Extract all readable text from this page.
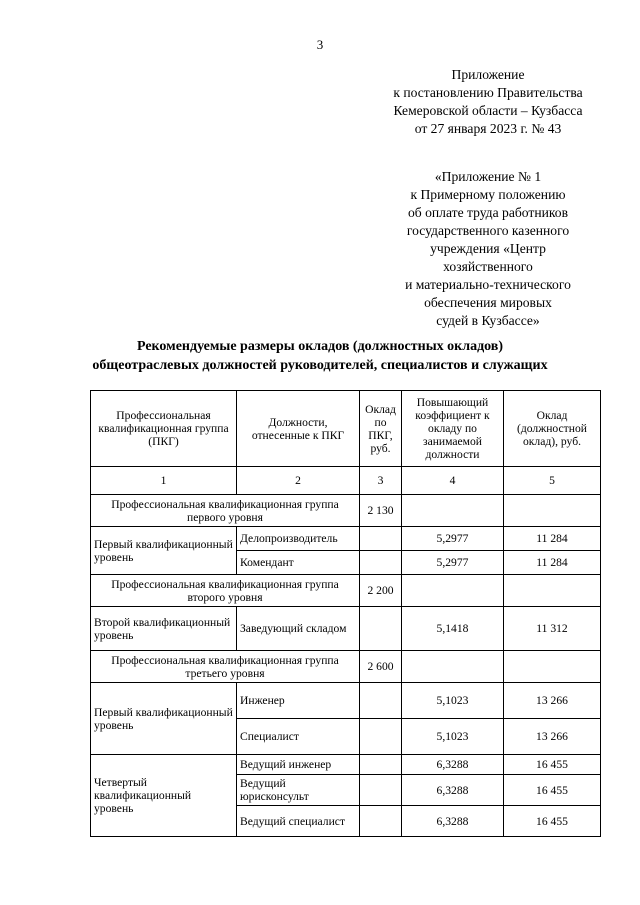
3
Приложение
к постановлению Правительства
Кемеровской области – Кузбасса
от 27 января 2023 г. № 43
«Приложение № 1
к Примерному положению
об оплате труда работников
государственного казенного
учреждения «Центр
хозяйственного
и материально-технического
обеспечения мировых
судей в Кузбассе»
Рекомендуемые размеры окладов (должностных окладов)
общеотраслевых должностей руководителей, специалистов и служащих
Профессиональная квалификационная группа (ПКГ)	Должности, отнесенные к ПКГ	Оклад по ПКГ, руб.	Повышающий коэффициент к окладу по занимаемой должности	Оклад (должностной оклад), руб.
1	2	3	4	5
Профессиональная квалификационная группа первого уровня		2 130		
Первый квалификационный уровень	Делопроизводитель		5,2977	11 284
	Комендант		5,2977	11 284
Профессиональная квалификационная группа второго уровня		2 200		
Второй квалификационный уровень	Заведующий складом		5,1418	11 312
Профессиональная квалификационная группа третьего уровня		2 600		
Первый квалификационный уровень	Инженер		5,1023	13 266
	Специалист		5,1023	13 266
Четвертый квалификационный уровень	Ведущий инженер		6,3288	16 455
	Ведущий юрисконсульт		6,3288	16 455
	Ведущий специалист		6,3288	16 455
